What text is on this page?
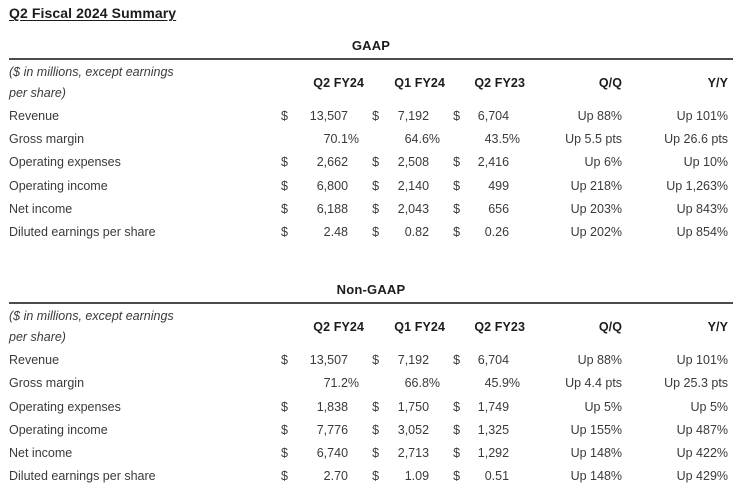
Q2 Fiscal 2024 Summary
GAAP
($ in millions, except earnings
per share)	Q2 FY24		Q1 FY24		Q2 FY23		Q/Q	Y/Y
Revenue	$	13,507	$	7,192	$	6,704	Up 88%	Up 101%
Gross margin		70.1%		64.6%		43.5%	Up 5.5 pts	Up 26.6 pts
Operating expenses	$	2,662	$	2,508	$	2,416	Up 6%	Up 10%
Operating income	$	6,800	$	2,140	$	499	Up 218%	Up 1,263%
Net income	$	6,188	$	2,043	$	656	Up 203%	Up 843%
Diluted earnings per share	$	2.48	$	0.82	$	0.26	Up 202%	Up 854%
Non-GAAP
($ in millions, except earnings
per share)	Q2 FY24		Q1 FY24		Q2 FY23		Q/Q	Y/Y
Revenue	$	13,507	$	7,192	$	6,704	Up 88%	Up 101%
Gross margin		71.2%		66.8%		45.9%	Up 4.4 pts	Up 25.3 pts
Operating expenses	$	1,838	$	1,750	$	1,749	Up 5%	Up 5%
Operating income	$	7,776	$	3,052	$	1,325	Up 155%	Up 487%
Net income	$	6,740	$	2,713	$	1,292	Up 148%	Up 422%
Diluted earnings per share	$	2.70	$	1.09	$	0.51	Up 148%	Up 429%
